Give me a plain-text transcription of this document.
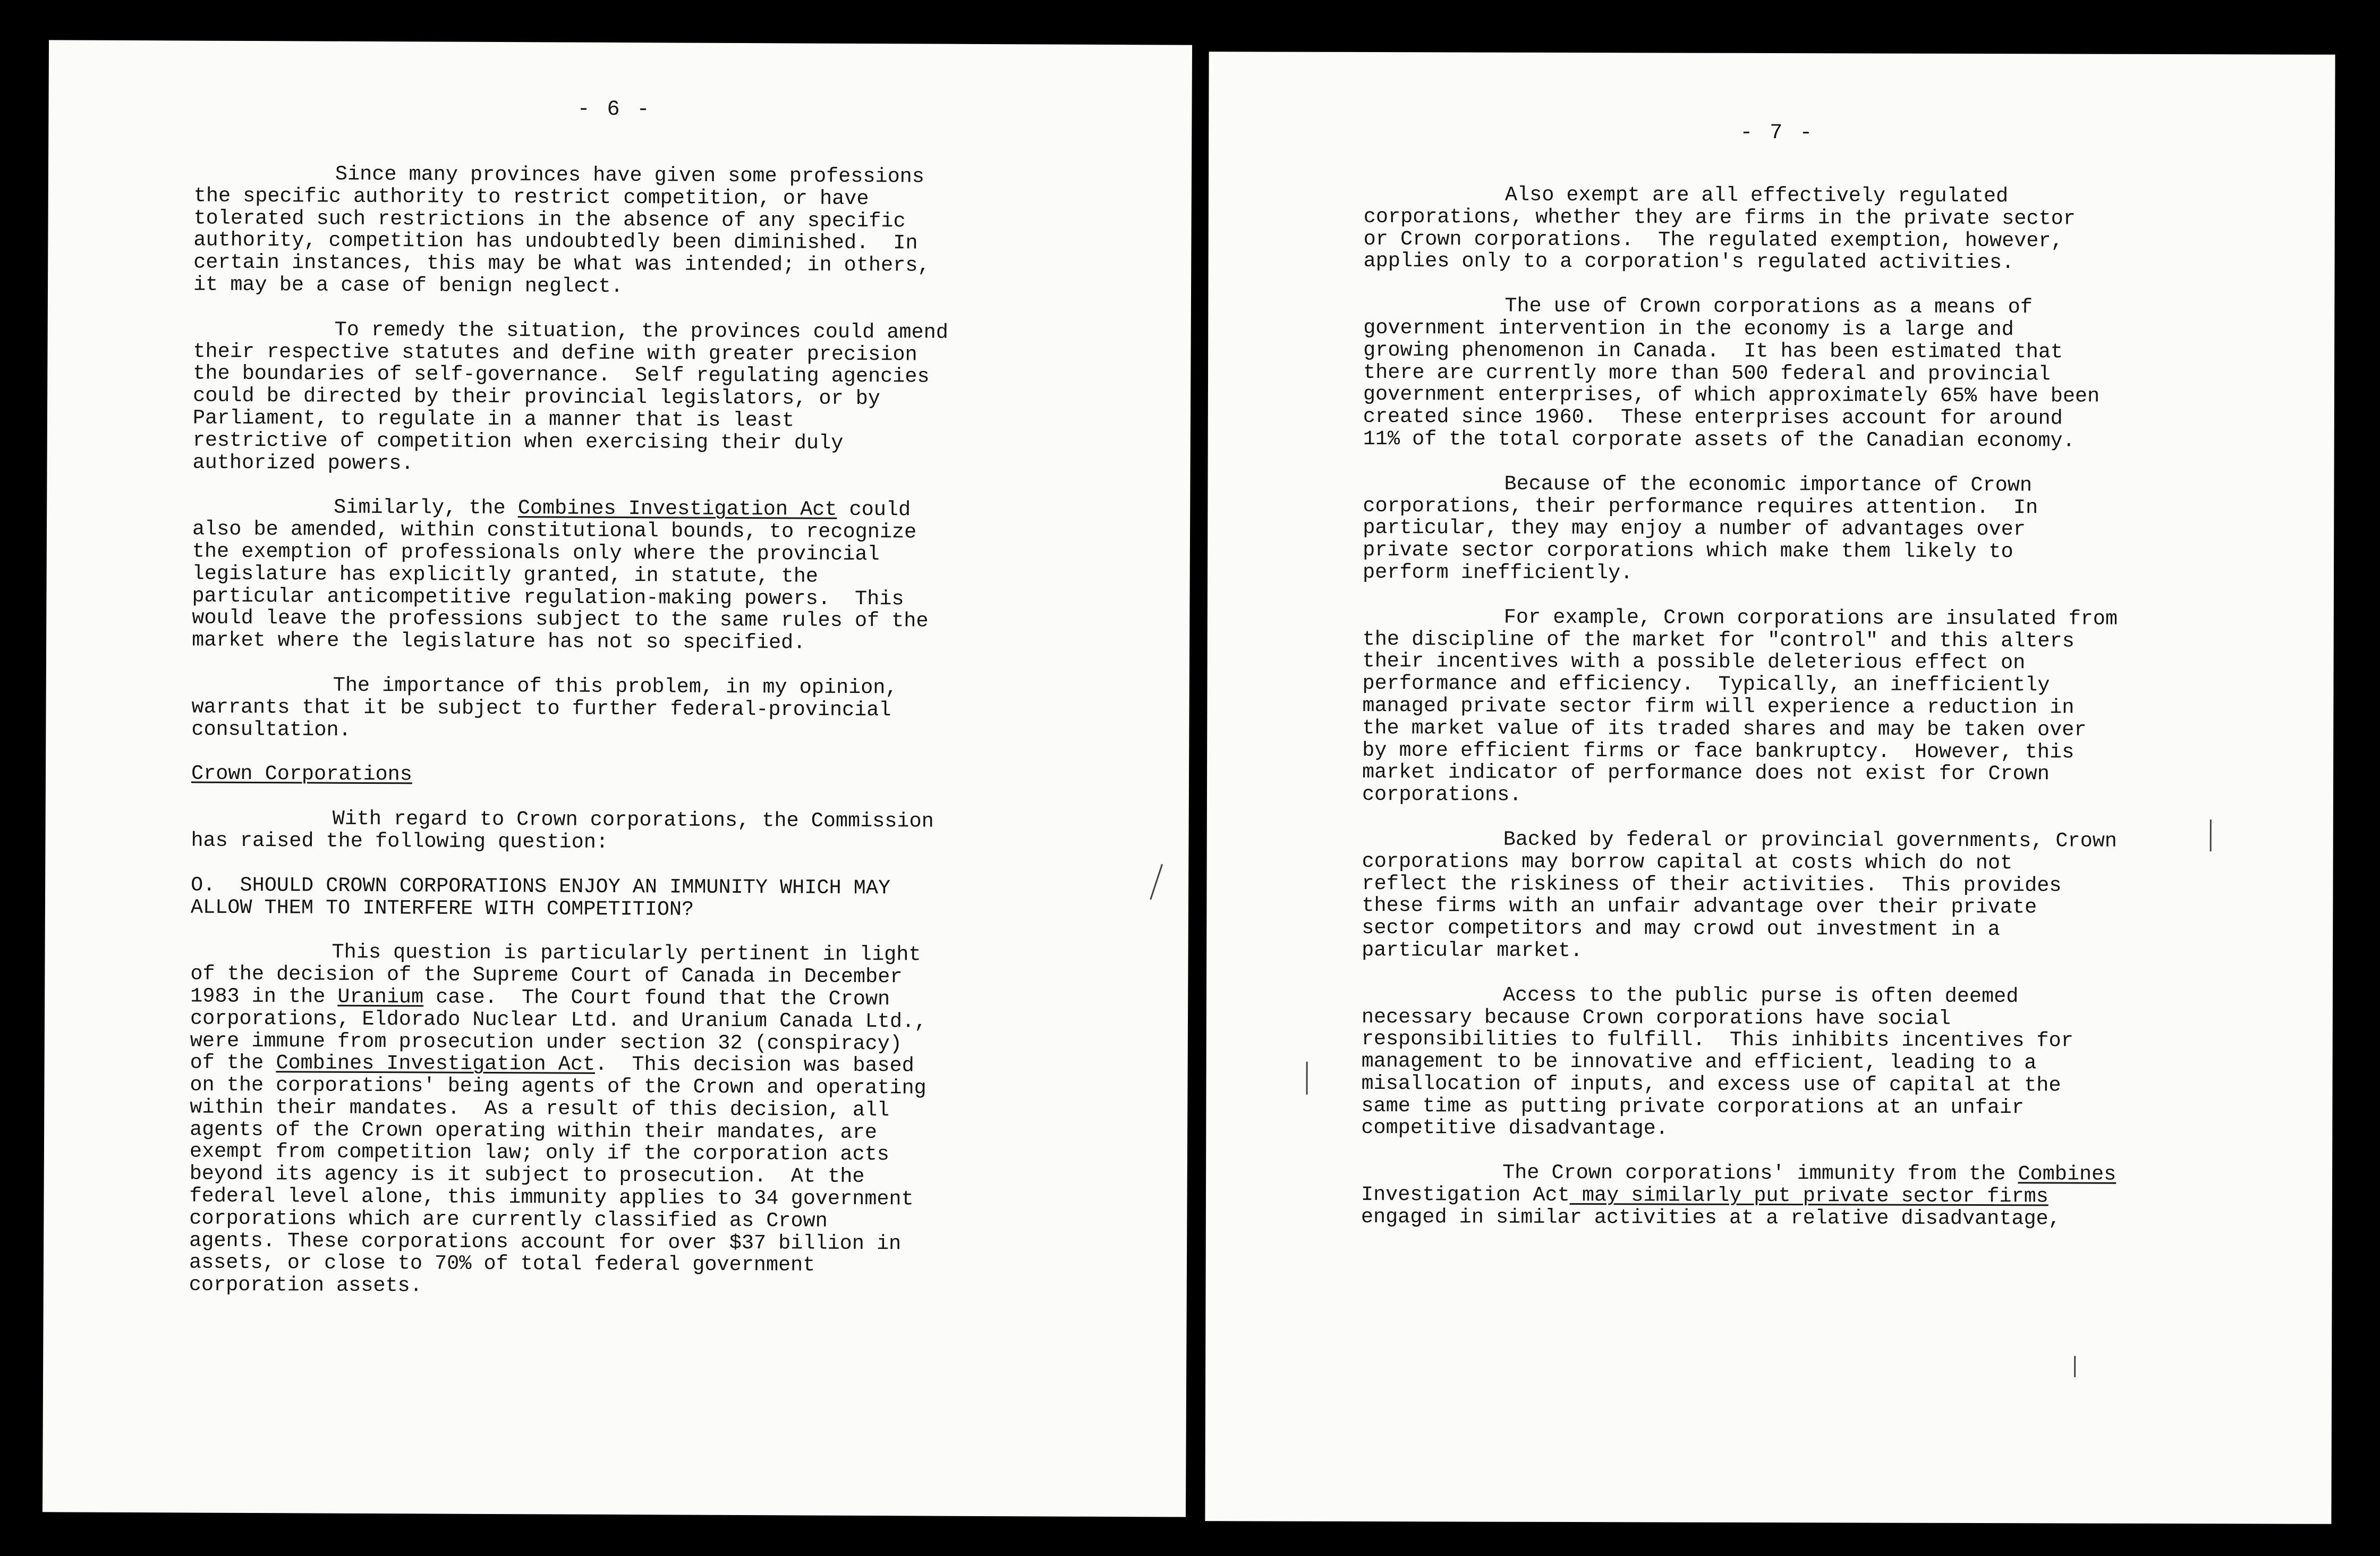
- 6 -
Since many provinces have given some professions
the specific authority to restrict competition, or have
tolerated such restrictions in the absence of any specific
authority, competition has undoubtedly been diminished.  In
certain instances, this may be what was intended; in others,
it may be a case of benign neglect.
To remedy the situation, the provinces could amend
their respective statutes and define with greater precision
the boundaries of self-governance.  Self regulating agencies
could be directed by their provincial legislators, or by
Parliament, to regulate in a manner that is least
restrictive of competition when exercising their duly
authorized powers.
Similarly, the Combines Investigation Act could
also be amended, within constitutional bounds, to recognize
the exemption of professionals only where the provincial
legislature has explicitly granted, in statute, the
particular anticompetitive regulation-making powers.  This
would leave the professions subject to the same rules of the
market where the legislature has not so specified.
The importance of this problem, in my opinion,
warrants that it be subject to further federal-provincial
consultation.
Crown Corporations
With regard to Crown corporations, the Commission
has raised the following question:
O.  SHOULD CROWN CORPORATIONS ENJOY AN IMMUNITY WHICH MAY
ALLOW THEM TO INTERFERE WITH COMPETITION?
This question is particularly pertinent in light
of the decision of the Supreme Court of Canada in December
1983 in the Uranium case.  The Court found that the Crown
corporations, Eldorado Nuclear Ltd. and Uranium Canada Ltd.,
were immune from prosecution under section 32 (conspiracy)
of the Combines Investigation Act.  This decision was based
on the corporations' being agents of the Crown and operating
within their mandates.  As a result of this decision, all
agents of the Crown operating within their mandates, are
exempt from competition law; only if the corporation acts
beyond its agency is it subject to prosecution.  At the
federal level alone, this immunity applies to 34 government
corporations which are currently classified as Crown
agents. These corporations account for over $37 billion in
assets, or close to 70% of total federal government
corporation assets.
- 7 -
Also exempt are all effectively regulated
corporations, whether they are firms in the private sector
or Crown corporations.  The regulated exemption, however,
applies only to a corporation's regulated activities.
The use of Crown corporations as a means of
government intervention in the economy is a large and
growing phenomenon in Canada.  It has been estimated that
there are currently more than 500 federal and provincial
government enterprises, of which approximately 65% have been
created since 1960.  These enterprises account for around
11% of the total corporate assets of the Canadian economy.
Because of the economic importance of Crown
corporations, their performance requires attention.  In
particular, they may enjoy a number of advantages over
private sector corporations which make them likely to
perform inefficiently.
For example, Crown corporations are insulated from
the discipline of the market for "control" and this alters
their incentives with a possible deleterious effect on
performance and efficiency.  Typically, an inefficiently
managed private sector firm will experience a reduction in
the market value of its traded shares and may be taken over
by more efficient firms or face bankruptcy.  However, this
market indicator of performance does not exist for Crown
corporations.
Backed by federal or provincial governments, Crown
corporations may borrow capital at costs which do not
reflect the riskiness of their activities.  This provides
these firms with an unfair advantage over their private
sector competitors and may crowd out investment in a
particular market.
Access to the public purse is often deemed
necessary because Crown corporations have social
responsibilities to fulfill.  This inhibits incentives for
management to be innovative and efficient, leading to a
misallocation of inputs, and excess use of capital at the
same time as putting private corporations at an unfair
competitive disadvantage.
The Crown corporations' immunity from the Combines
Investigation Act may similarly put private sector firms
engaged in similar activities at a relative disadvantage,
